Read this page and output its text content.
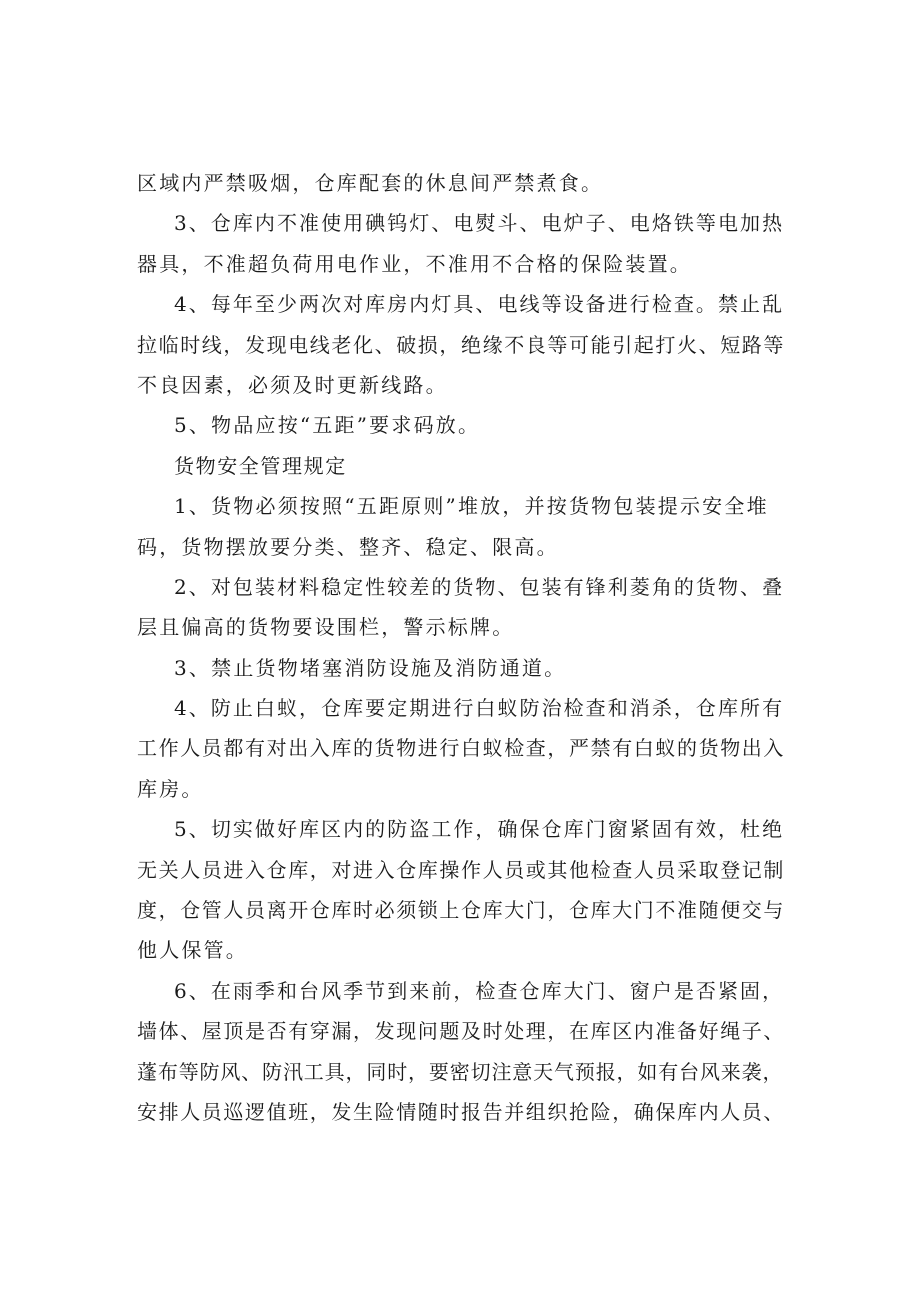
区域内严禁吸烟，仓库配套的休息间严禁煮食。
3、仓库内不准使用碘钨灯、电熨斗、电炉子、电烙铁等电加热
器具，不准超负荷用电作业，不准用不合格的保险装置。
4、每年至少两次对库房内灯具、电线等设备进行检查。禁止乱
拉临时线，发现电线老化、破损，绝缘不良等可能引起打火、短路等
不良因素，必须及时更新线路。
5、物品应按“五距”要求码放。
货物安全管理规定
1、货物必须按照“五距原则”堆放，并按货物包装提示安全堆
码，货物摆放要分类、整齐、稳定、限高。
2、对包装材料稳定性较差的货物、包装有锋利菱角的货物、叠
层且偏高的货物要设围栏，警示标牌。
3、禁止货物堵塞消防设施及消防通道。
4、防止白蚁，仓库要定期进行白蚁防治检查和消杀，仓库所有
工作人员都有对出入库的货物进行白蚁检查，严禁有白蚁的货物出入
库房。
5、切实做好库区内的防盗工作，确保仓库门窗紧固有效，杜绝
无关人员进入仓库，对进入仓库操作人员或其他检查人员采取登记制
度，仓管人员离开仓库时必须锁上仓库大门，仓库大门不准随便交与
他人保管。
6、在雨季和台风季节到来前，检查仓库大门、窗户是否紧固，
墙体、屋顶是否有穿漏，发现问题及时处理，在库区内准备好绳子、
蓬布等防风、防汛工具，同时，要密切注意天气预报，如有台风来袭，
安排人员巡逻值班，发生险情随时报告并组织抢险，确保库内人员、
